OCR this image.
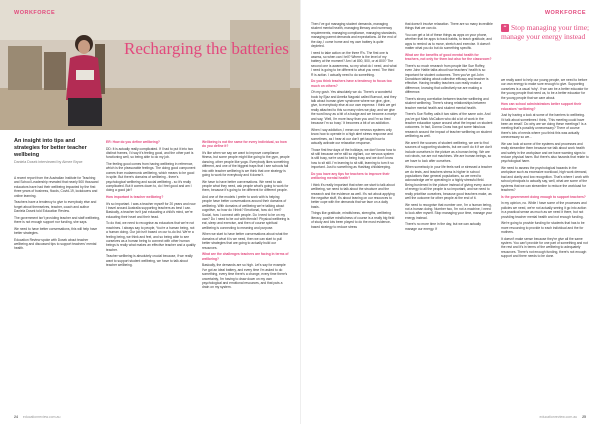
WORKFORCE
Recharging the batteries
An insight into tips and strategies for better teacher wellbeing
Daniela Dosek interviewed by Aimee Bryce

A recent report from the Australian Institute for Teaching and School Leadership revealed that nearly 500 thousand educators have had their wellbeing impacted by the first three years of business, floods, Covid-19, lockdowns and online learning.

Teachers have a tendency to give to everybody else and forget about themselves, teacher, coach and author Daniela Dosek told Education Review.

The government isn't providing teacher and staff wellbeing, there is not enough support nor funding, she says.

We need to have better conversations, this will help have better strategies.

Education Review spoke with Dosek about teacher wellbeing and discussed tips to support teachers' mental health.

ER: How do you define wellbeing?

DD: It is actually really complicated. If I had to put it into two distinct frames, I'd say it's feeling good, and the other part is functioning well, so being able to do my job.

The feeling good comes from having wellbeing in reference, which is the pleasurable feelings. The doing good component comes from eudaemonic wellbeing, which means to be good in spite. But there's domains of wellbeing - there's psychological wellbeing and social wellbeing - so it's really complicated. But it comes down to, do I feel good and am I doing a good job?

How important is teacher wellbeing?

It's so important. I was a teacher myself for 20 years and now I travel around Australia supporting teachers as best I can. Basically, a teacher isn't just educating a child's mind, we're educating their heart and their head.

To do that, we need to recognise as educators that we're not machines. I always say to people, You're a human being, not a human doing. Our job isn't based on our to-do list. We're a feeling being, we think and feel, and so being able to see ourselves as a human being to connect with other human beings is really what makes an effective teacher and a quality teacher.

Teacher wellbeing is absolutely crucial because, if we really want to support student wellbeing, we have to talk about teacher wellbeing.

Wellbeing is not the same for every individual, so how do you define it?

It's like when we say we want to improve compliance fitness, but some people might like going to the gym, people dancing, other people like yoga. Everybody likes something different, and one of the biggest traps that I see schools fall into with teacher wellbeing is we think that one strategy is going to work for everybody and it doesn't.

We have to have better conversations. We need to ask people what they need, ask people what's going to work for them, because it's going to be different for different people.

And one of the models I prefer to work with is helping people have better conversations around their domains of wellbeing. With domains of wellbeing we're talking about cognitive, so how do I think? Emotional, how do I feel? Social, how I connect with people. Do I need to be on my own? Do I need to be out with friends? Physical wellbeing is eat, sleep and exercise, and then of course spiritual wellbeing is connecting to meaning and purpose.

When we start to have better conversations about what the domains of what it is we need, then we can start to pull better strategies that are going to actually build our resources.

What are the challenges teachers are facing in terms of wellbeing?

Basically, the demands are so high. Let's say for example I've got an ideal battery, and every time I'm asked to do something, every time there's a change, every time there's uncertainty, I'm having to draw down on my own psychological and emotional resources, and that puts a drain on my system.

24 educationreview.com.au
WORKFORCE

Then I've got managing student demands, managing student mental health, managing literacy and numeracy requirements, managing compliance, managing standards, managing parent demands and expectations. At the end of the day, I come home and my own battery is quite depleted.

I need to take action on the three R's. The first one is assess, so when can I tell? Where is the level of my battery at the moment? Am I at 800, 500, or at 800? The second one is awareness, so my what do I need, and what I need is going to be different to what you need. The third R is action. I actually need to do something.

Do you think teachers have a tendency to focus too much on others?

Oh my gosh. Yes absolutely we do. There's a wonderful book by Ejaz and Amelia Nagoski called Burnout, and they talk about human giver syndrome where we give, give, give, to everybody else at our own expense. I think we get really attached to this so many roles we play, and we give the word busy as a bit of a badge and we become a martyr and say, 'Well, I'm more busy than you and I'm so tired because I'm so busy.' It becomes a bit of an addiction.

When I say addiction, I mean our nervous systems only know how to operate in a high alert stress response and sometimes, as I hear at our don't get taught how to actually activate our relaxation response.

Those first few days of the holidays, we don't know how to sit still because we're still so vigilant, our nervous system is still busy, we're used to being busy and we don't know how to sit still. I'm learning to sit still, learning to turn it so important. Just to something as Hashtag childsleeping.

Do you have any tips for teachers to improve their wellbeing mental health?

I think it's really important that when we start to talk about wellbeing, we need to talk about the structure and the research and the evidence as well. It's not about applying the negative stuff, it's about leaning on our resources to better cope with the demands that we face on a daily basis.

Things like gratitude, mindfulness, strengths, wellbeing literacy, positive mindfulness of course is a really big field of study and lots been played to do the most evidence-based strategy to reduce stress

that doesn't involve relaxation. There are so many incredible things that we can do.

You can get a lot of these things as apps on your phone, whether that be apps to track habits, to teach gratitude, and apps to remind us to move, stretch and exercise. It doesn't matter what you do but do something specific.

What are the benefits of good mental health for teachers, not only for them but also for the classroom?

There's so much research from people like Sue Roffey, even John Hattie talks about how teachers' health is so important for student outcomes. Then you've got John Donaldson talking about collective efficacy and teacher is effective. Having healthy teachers can really make a difference, knowing that collectively we are making a difference.

There's strong correlation between teacher wellbeing and student wellbeing. There's strong relationships between teacher mental health and student mental health.

There's Sue Roffey calls it two sides of the same coin. And you've got Mark McCallum who did a lot of work in the teacher education space around what the impact on student outcomes. In fact, Donna Cross has got some fabulous research around the impact of teacher wellbeing on student wellbeing as well.

We aren't the sources of student wellbeing, we are to find sources of supporting students, but we can't do it if we don't include ourselves in the picture as a human being. We are not robots, we are not machines. We are human beings, so we have to look after ourselves.

When somebody in your life feels well or stressed a teacher we do tests, and teachers stress is higher in school populations than general populations, so we need to acknowledge we're operating in a highly stressful field. Being burdened in the picture instead of giving every ounce of energy to all the people is so important, and we need to really prioritise ourselves, because good teachers make, as well the outcome for other people at the end of it.

We need to recognise that number one, I'm a human being, not a human doing. Number two, I'm not a machine, I need to look after myself. Stop managing your time, manage your energy instead.

There's no more time in the day, but we can actually manage our energy. If

“ Stop managing your time; manage your energy instead

we really want to help our young people, we need to before our own energy to make sure enough to give. Supporting ourselves is a usual 'why'. If we can be a better educator for the young people that need us, to be a better educator for the young people that we care about.

How can school administrators better support their educators' wellbeing?

Just by having a look at some of the barriers to wellbeing. I'd talk about sometimes I think, 'This meeting could have been an email'. Do why are we doing these meetings? Is a meeting that's possibly unnecessary? There of course there's lots of needs where you think this was actually unnecessary so we...

We can look at some of the systems and processes and really streamline them because we talk about work health and safety in the workplace and we have warning signs to reduce physical harm. But there's also hazards that relate to psychological harm.

We need to assess the psychological hazards in the workplace such as excessive workload, high work demand, bad and clarity and low recognition. That's where I work with school principals to actually say, well, what are some of the systems that we can streamline to reduce the workload for teachers?

Is the government doing enough to support teachers?

In my opinion, no. While I have some of the processes and policies we need, we're not actually seeing it go into action in a practical sense as much as we need it there, but not providing teacher mental health and not enough funding.

We're going to provide funding for students that has to be more resourcing to provide to each individual and the for mothers.

It doesn't make sense because they're give all the same system. You can't provide for one part of something and not the rest and it's in terms of the wellbeing to adequately resources. There's not enough funding, there's not enough support and there needs to be done.

educationreview.com.au 25
